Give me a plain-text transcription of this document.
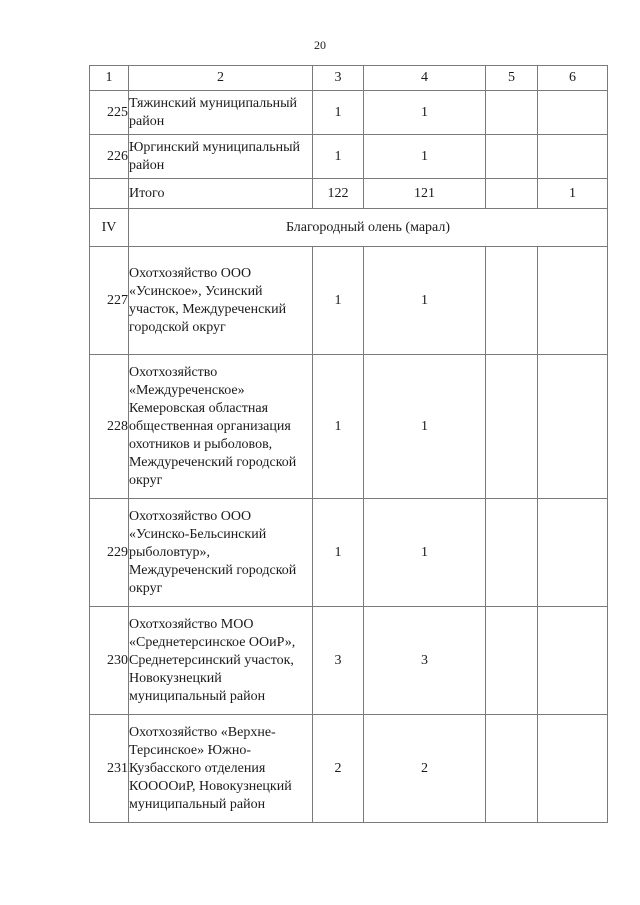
20
1	2	3	4	5	6
225	Тяжинский муниципальный район	1	1		
226	Юргинский муниципальный район	1	1		
	Итого	122	121		1
IV	Благородный олень (марал)				
227	Охотхозяйство ООО «Усинское», Усинский участок, Междуреченский городской округ	1	1		
228	Охотхозяйство «Междуреченское» Кемеровская областная общественная организация охотников и рыболовов, Междуреченский городской округ	1	1		
229	Охотхозяйство ООО «Усинско-Бельсинский рыболовтур», Междуреченский городской округ	1	1		
230	Охотхозяйство МОО «Среднетерсинское ООиР», Среднетерсинский участок, Новокузнецкий муниципальный район	3	3		
231	Охотхозяйство «Верхне-Терсинское» Южно-Кузбасского отделения КООООиР, Новокузнецкий муниципальный район	2	2		
